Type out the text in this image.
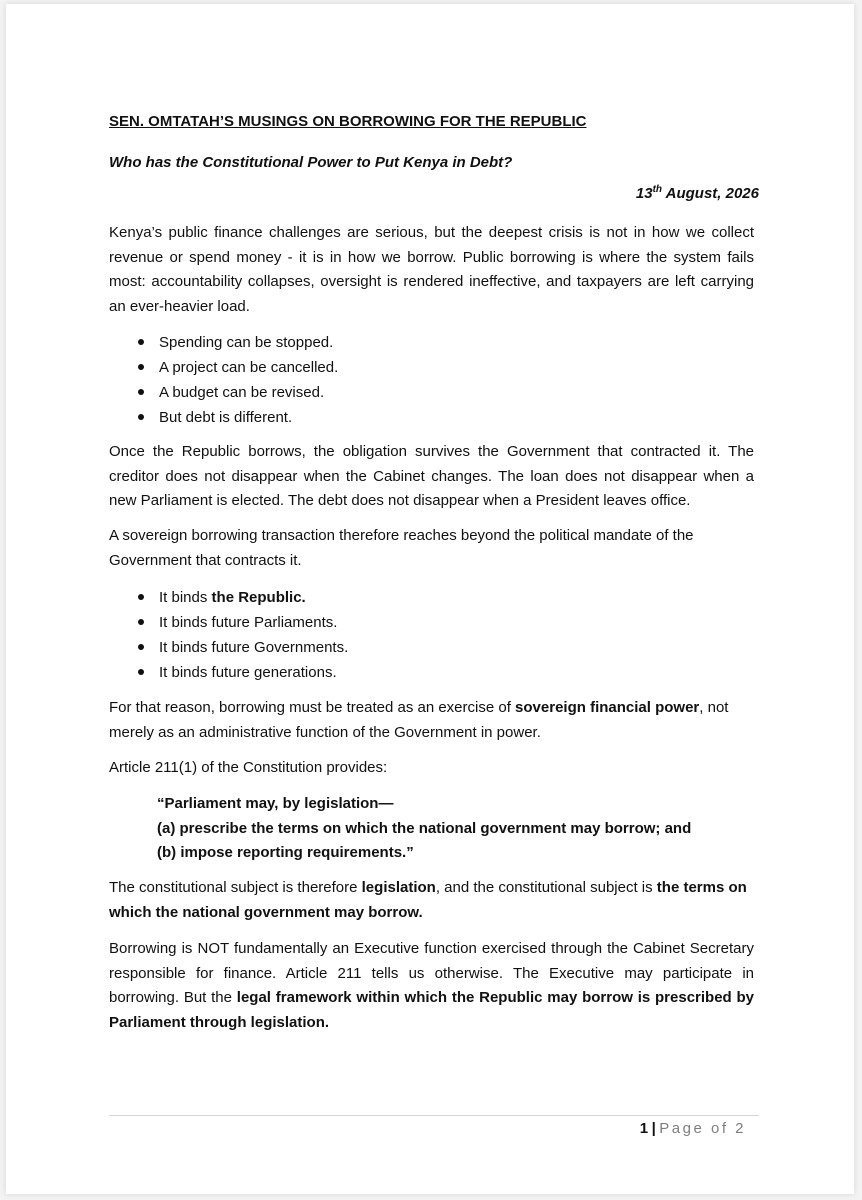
SEN. OMTATAH’S MUSINGS ON BORROWING FOR THE REPUBLIC
Who has the Constitutional Power to Put Kenya in Debt?
13th August, 2026

Kenya’s public finance challenges are serious, but the deepest crisis is not in how we collect revenue or spend money - it is in how we borrow. Public borrowing is where the system fails most: accountability collapses, oversight is rendered ineffective, and taxpayers are left carrying an ever-heavier load.

Spending can be stopped.
A project can be cancelled.
A budget can be revised.
But debt is different.

Once the Republic borrows, the obligation survives the Government that contracted it. The creditor does not disappear when the Cabinet changes. The loan does not disappear when a new Parliament is elected. The debt does not disappear when a President leaves office.

A sovereign borrowing transaction therefore reaches beyond the political mandate of the Government that contracts it.

It binds the Republic.
It binds future Parliaments.
It binds future Governments.
It binds future generations.

For that reason, borrowing must be treated as an exercise of sovereign financial power, not merely as an administrative function of the Government in power.

Article 211(1) of the Constitution provides:

“Parliament may, by legislation—
(a) prescribe the terms on which the national government may borrow; and
(b) impose reporting requirements.”

The constitutional subject is therefore legislation, and the constitutional subject is the terms on which the national government may borrow.

Borrowing is NOT fundamentally an Executive function exercised through the Cabinet Secretary responsible for finance. Article 211 tells us otherwise. The Executive may participate in borrowing. But the legal framework within which the Republic may borrow is prescribed by Parliament through legislation.

1 | Page of 2
